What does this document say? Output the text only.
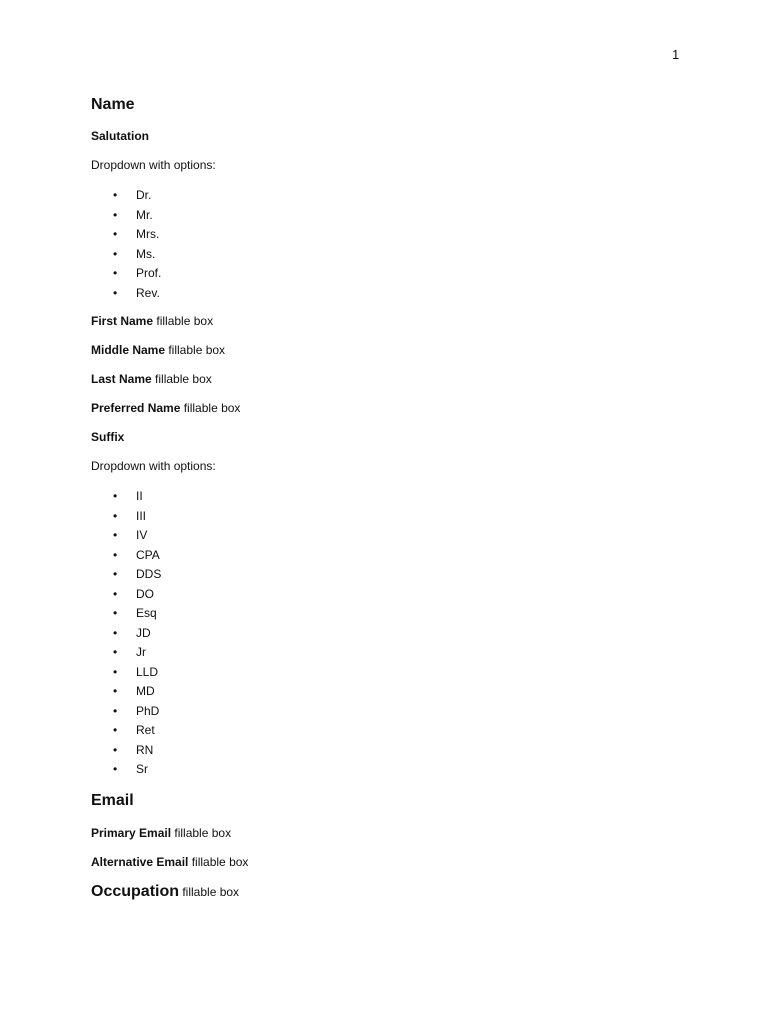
1
Name

Salutation

Dropdown with options:

• Dr.
• Mr.
• Mrs.
• Ms.
• Prof.
• Rev.

First Name fillable box

Middle Name fillable box

Last Name fillable box

Preferred Name fillable box

Suffix

Dropdown with options:

• II
• III
• IV
• CPA
• DDS
• DO
• Esq
• JD
• Jr
• LLD
• MD
• PhD
• Ret
• RN
• Sr
Email

Primary Email fillable box

Alternative Email fillable box

Occupation fillable box
